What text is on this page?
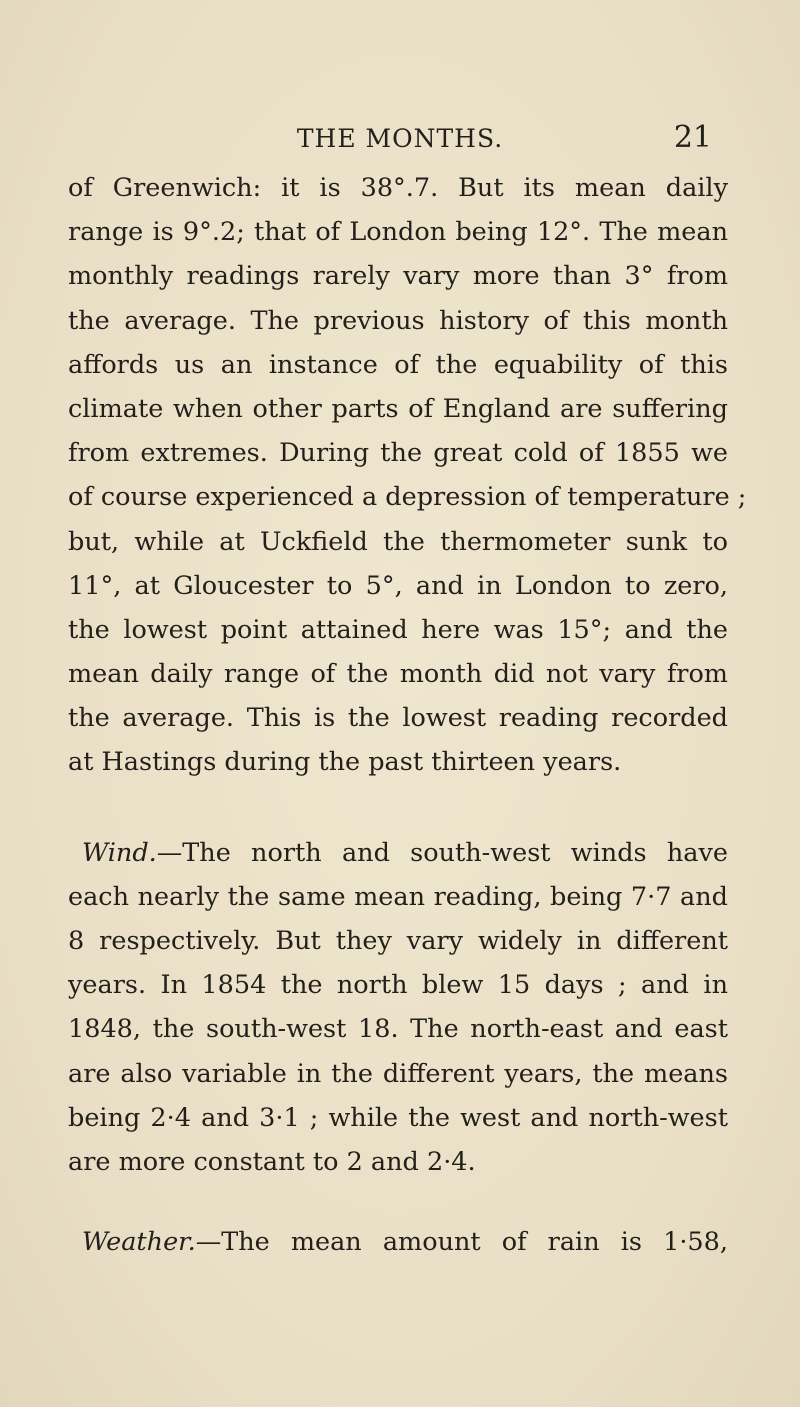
THE MONTHS.	21
of Greenwich: it is 38°.7. But its mean daily
range is 9°.2; that of London being 12°. The mean
monthly readings rarely vary more than 3° from
the average. The previous history of this month
affords us an instance of the equability of this
climate when other parts of England are suffering
from extremes. During the great cold of 1855 we
of course experienced a depression of temperature ;
but, while at Uckfield the thermometer sunk to
11°, at Gloucester to 5°, and in London to zero,
the lowest point attained here was 15°; and the
mean daily range of the month did not vary from
the average. This is the lowest reading recorded
at Hastings during the past thirteen years.
Wind.—The north and south-west winds have
each nearly the same mean reading, being 7·7 and
8 respectively. But they vary widely in different
years. In 1854 the north blew 15 days ; and in
1848, the south-west 18. The north-east and east
are also variable in the different years, the means
being 2·4 and 3·1 ; while the west and north-west
are more constant to 2 and 2·4.
Weather.—The mean amount of rain is 1·58,
